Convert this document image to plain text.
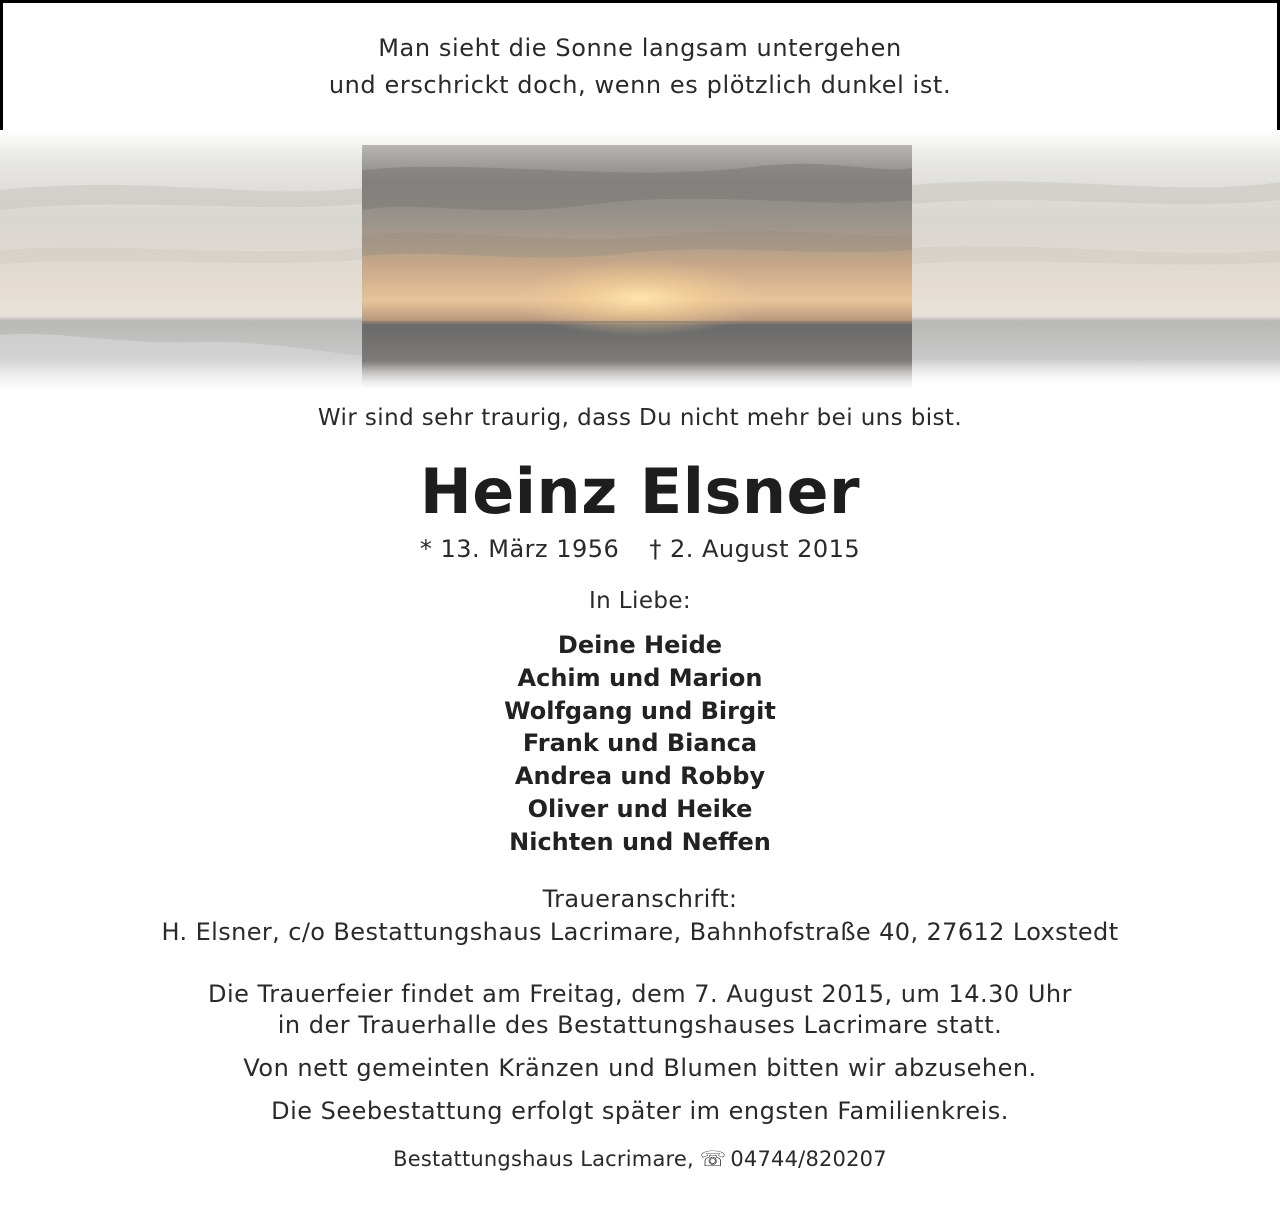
Man sieht die Sonne langsam untergehen
und erschrickt doch, wenn es plötzlich dunkel ist.
Wir sind sehr traurig, dass Du nicht mehr bei uns bist.
Heinz Elsner
* 13. März 1956 † 2. August 2015
In Liebe:
Deine Heide
Achim und Marion
Wolfgang und Birgit
Frank und Bianca
Andrea und Robby
Oliver und Heike
Nichten und Neffen
Traueranschrift:
H. Elsner, c/o Bestattungshaus Lacrimare, Bahnhofstraße 40, 27612 Loxstedt
Die Trauerfeier findet am Freitag, dem 7. August 2015, um 14.30 Uhr
in der Trauerhalle des Bestattungshauses Lacrimare statt.
Von nett gemeinten Kränzen und Blumen bitten wir abzusehen.
Die Seebestattung erfolgt später im engsten Familienkreis.
Bestattungshaus Lacrimare, ☏ 04744/820207
